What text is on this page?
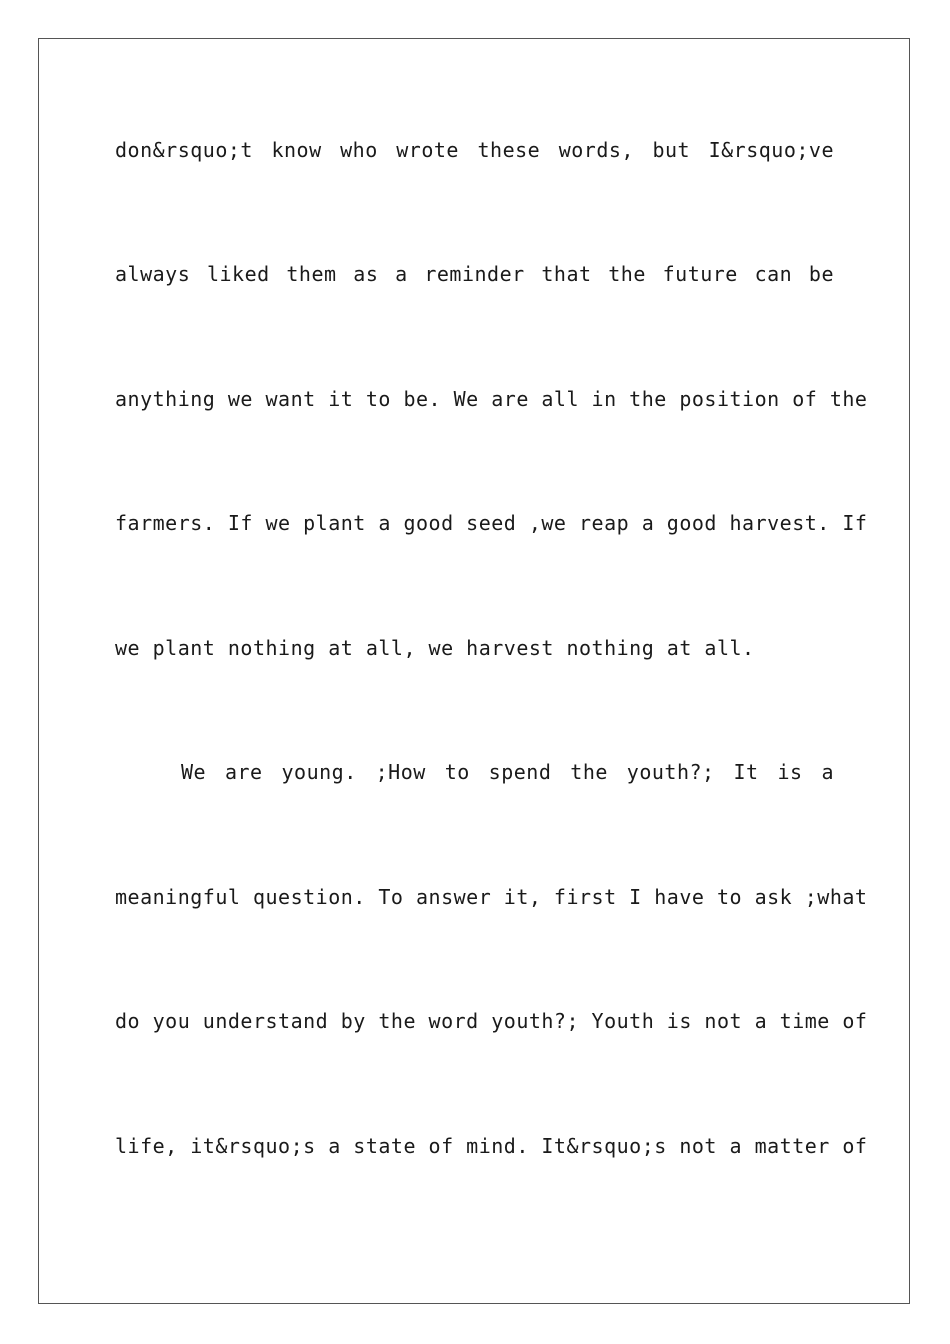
don&rsquo;t know who wrote these words, but I&rsquo;ve
always liked them as a reminder that the future can be
anything we want it to be. We are all in the position of the
farmers. If we plant a good seed ,we reap a good harvest. If
we plant nothing at all, we harvest nothing at all.
We are young. ;How to spend the youth?; It is a
meaningful question. To answer it, first I have to ask ;what
do you understand by the word youth?; Youth is not a time of
life, it&rsquo;s a state of mind. It&rsquo;s not a matter of
